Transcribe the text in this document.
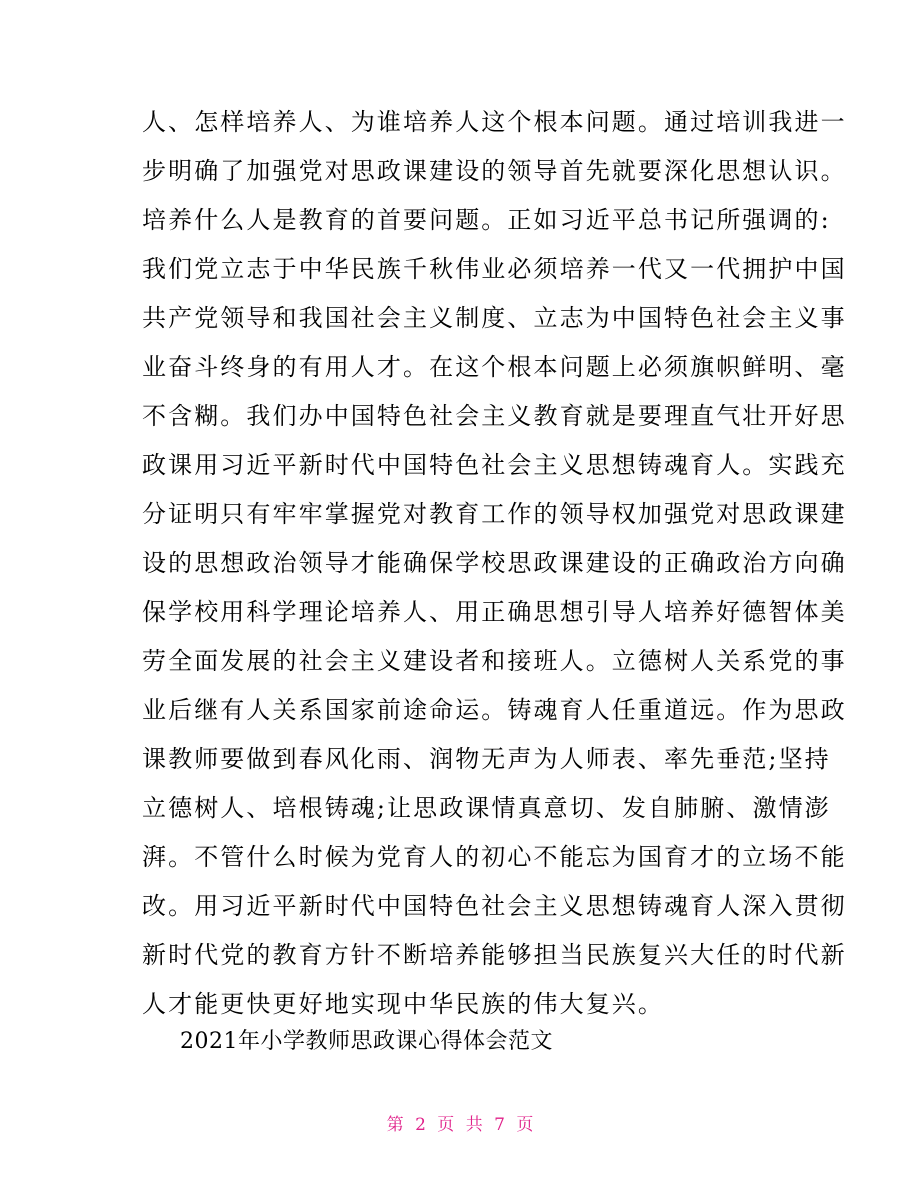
人、怎样培养人、为谁培养人这个根本问题。通过培训我进一
步明确了加强党对思政课建设的领导首先就要深化思想认识。
培养什么人是教育的首要问题。正如习近平总书记所强调的:
我们党立志于中华民族千秋伟业必须培养一代又一代拥护中国
共产党领导和我国社会主义制度、立志为中国特色社会主义事
业奋斗终身的有用人才。在这个根本问题上必须旗帜鲜明、毫
不含糊。我们办中国特色社会主义教育就是要理直气壮开好思
政课用习近平新时代中国特色社会主义思想铸魂育人。实践充
分证明只有牢牢掌握党对教育工作的领导权加强党对思政课建
设的思想政治领导才能确保学校思政课建设的正确政治方向确
保学校用科学理论培养人、用正确思想引导人培养好德智体美
劳全面发展的社会主义建设者和接班人。立德树人关系党的事
业后继有人关系国家前途命运。铸魂育人任重道远。作为思政
课教师要做到春风化雨、润物无声为人师表、率先垂范;坚持
立德树人、培根铸魂;让思政课情真意切、发自肺腑、激情澎
湃。不管什么时候为党育人的初心不能忘为国育才的立场不能
改。用习近平新时代中国特色社会主义思想铸魂育人深入贯彻
新时代党的教育方针不断培养能够担当民族复兴大任的时代新
人才能更快更好地实现中华民族的伟大复兴。
2021年小学教师思政课心得体会范文
第 2 页 共 7 页
